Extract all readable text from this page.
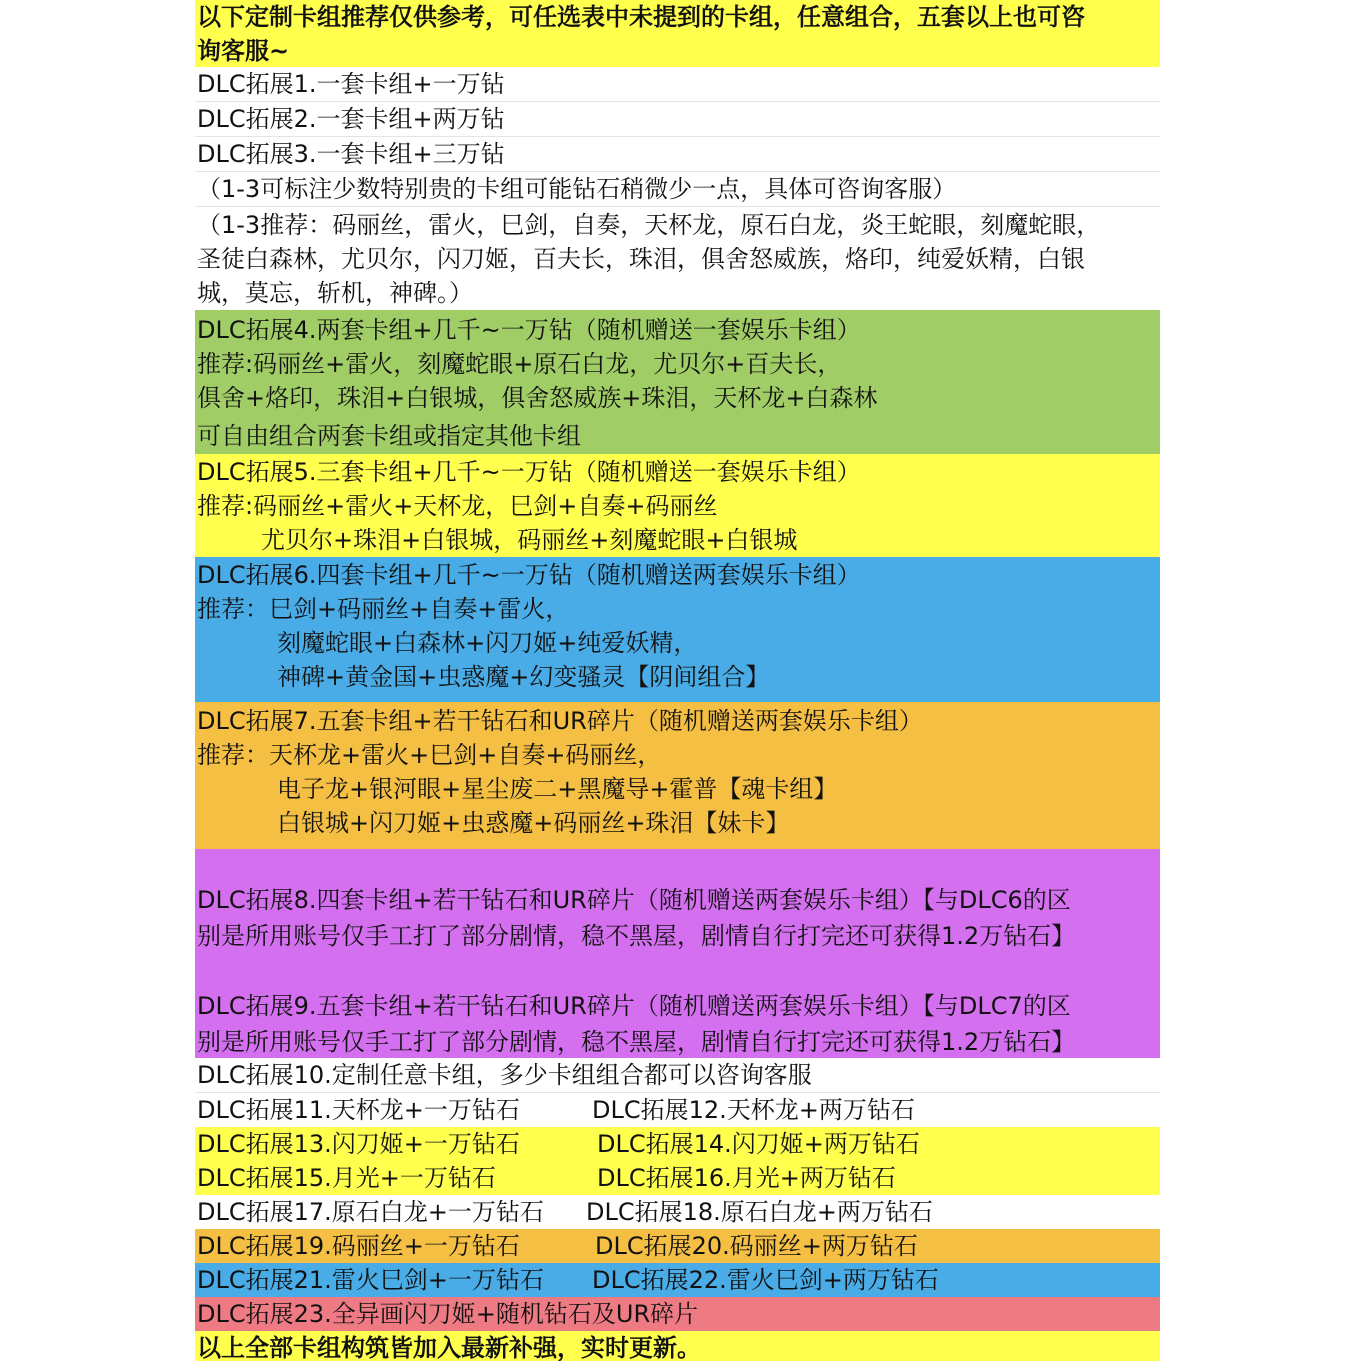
以下定制卡组推荐仅供参考，可任选表中未提到的卡组，任意组合，五套以上也可咨
询客服~
DLC拓展1.一套卡组+一万钻
DLC拓展2.一套卡组+两万钻
DLC拓展3.一套卡组+三万钻
（1-3可标注少数特别贵的卡组可能钻石稍微少一点，具体可咨询客服）
（1-3推荐：码丽丝，雷火，巳剑，自奏，天杯龙，原石白龙，炎王蛇眼，刻魔蛇眼，
圣徒白森林，尤贝尔，闪刀姬，百夫长，珠泪，俱舍怒威族，烙印，纯爱妖精，白银
城，莫忘，斩机，神碑。）
DLC拓展4.两套卡组+几千~一万钻（随机赠送一套娱乐卡组）
推荐:码丽丝+雷火，刻魔蛇眼+原石白龙，尤贝尔+百夫长，
俱舍+烙印，珠泪+白银城，俱舍怒威族+珠泪，天杯龙+白森林
可自由组合两套卡组或指定其他卡组
DLC拓展5.三套卡组+几千~一万钻（随机赠送一套娱乐卡组）
推荐:码丽丝+雷火+天杯龙，巳剑+自奏+码丽丝
尤贝尔+珠泪+白银城，码丽丝+刻魔蛇眼+白银城
DLC拓展6.四套卡组+几千~一万钻（随机赠送两套娱乐卡组）
推荐：巳剑+码丽丝+自奏+雷火，
刻魔蛇眼+白森林+闪刀姬+纯爱妖精，
神碑+黄金国+虫惑魔+幻变骚灵【阴间组合】
DLC拓展7.五套卡组+若干钻石和UR碎片（随机赠送两套娱乐卡组）
推荐：天杯龙+雷火+巳剑+自奏+码丽丝，
电子龙+银河眼+星尘废二+黑魔导+霍普【魂卡组】
白银城+闪刀姬+虫惑魔+码丽丝+珠泪【妹卡】
DLC拓展8.四套卡组+若干钻石和UR碎片（随机赠送两套娱乐卡组）【与DLC6的区
别是所用账号仅手工打了部分剧情，稳不黑屋，剧情自行打完还可获得1.2万钻石】
DLC拓展9.五套卡组+若干钻石和UR碎片（随机赠送两套娱乐卡组）【与DLC7的区
别是所用账号仅手工打了部分剧情，稳不黑屋，剧情自行打完还可获得1.2万钻石】
DLC拓展10.定制任意卡组，多少卡组组合都可以咨询客服
DLC拓展11.天杯龙+一万钻石	DLC拓展12.天杯龙+两万钻石
DLC拓展13.闪刀姬+一万钻石	DLC拓展14.闪刀姬+两万钻石
DLC拓展15.月光+一万钻石	DLC拓展16.月光+两万钻石
DLC拓展17.原石白龙+一万钻石	DLC拓展18.原石白龙+两万钻石
DLC拓展19.码丽丝+一万钻石	DLC拓展20.码丽丝+两万钻石
DLC拓展21.雷火巳剑+一万钻石	DLC拓展22.雷火巳剑+两万钻石
DLC拓展23.全异画闪刀姬+随机钻石及UR碎片
以上全部卡组构筑皆加入最新补强，实时更新。
